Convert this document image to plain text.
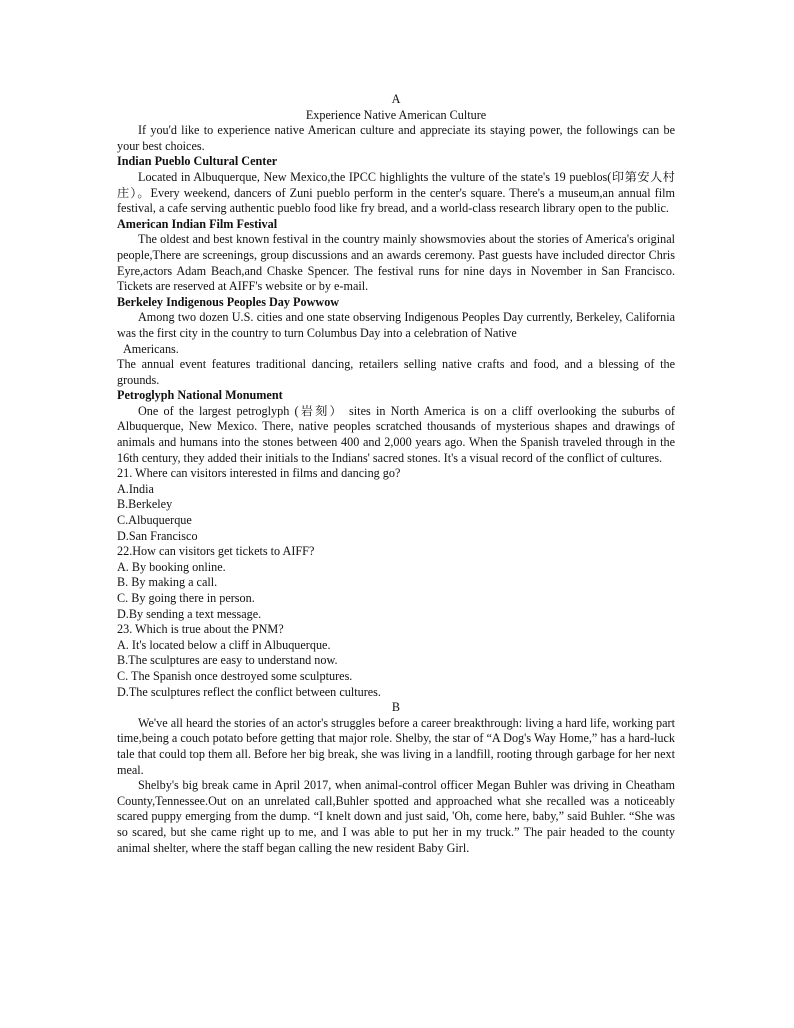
A
Experience Native American Culture

If you'd like to experience native American culture and appreciate its staying power, the followings can be your best choices.

Indian Pueblo Cultural Center

Located in Albuquerque, New Mexico,the IPCC highlights the vulture of the state's 19 pueblos(印第安人村庄）。Every weekend, dancers of Zuni pueblo perform in the center's square. There's a museum,an annual film festival, a cafe serving authentic pueblo food like fry bread, and a world-class research library open to the public.

American Indian Film Festival

The oldest and best known festival in the country mainly showsmovies about the stories of America's original people,There are screenings, group discussions and an awards ceremony. Past guests have included director Chris Eyre,actors Adam Beach,and Chaske Spencer. The festival runs for nine days in November in San Francisco. Tickets are reserved at AIFF's website or by e-mail.

Berkeley Indigenous Peoples Day Powwow

Among two dozen U.S. cities and one state observing Indigenous Peoples Day currently, Berkeley, California was the first city in the country to turn Columbus Day into a celebration of Native

Americans.

The annual event features traditional dancing, retailers selling native crafts and food, and a blessing of the grounds.

Petroglyph National Monument

One of the largest petroglyph (岩刻） sites in North America is on a cliff overlooking the suburbs of Albuquerque, New Mexico. There, native peoples scratched thousands of mysterious shapes and drawings of animals and humans into the stones between 400 and 2,000 years ago. When the Spanish traveled through in the 16th century, they added their initials to the Indians' sacred stones. It's a visual record of the conflict of cultures.

21. Where can visitors interested in films and dancing go?

A.India

B.Berkeley

C.Albuquerque

D.San Francisco

22.How can visitors get tickets to AIFF?

A. By booking online.

B. By making a call.

C. By going there in person.

D.By sending a text message.

23. Which is true about the PNM?

A. It's located below a cliff in Albuquerque.

B.The sculptures are easy to understand now.

C. The Spanish once destroyed some sculptures.

D.The sculptures reflect the conflict between cultures.

B

We've all heard the stories of an actor's struggles before a career breakthrough: living a hard life, working part time,being a couch potato before getting that major role. Shelby, the star of “A Dog's Way Home,” has a hard-luck tale that could top them all. Before her big break, she was living in a landfill, rooting through garbage for her next meal.

Shelby's big break came in April 2017, when animal-control officer Megan Buhler was driving in Cheatham County,Tennessee.Out on an unrelated call,Buhler spotted and approached what she recalled was a noticeably scared puppy emerging from the dump. “I knelt down and just said, 'Oh, come here, baby,” said Buhler. “She was so scared, but she came right up to me, and I was able to put her in my truck.” The pair headed to the county animal shelter, where the staff began calling the new resident Baby Girl.
